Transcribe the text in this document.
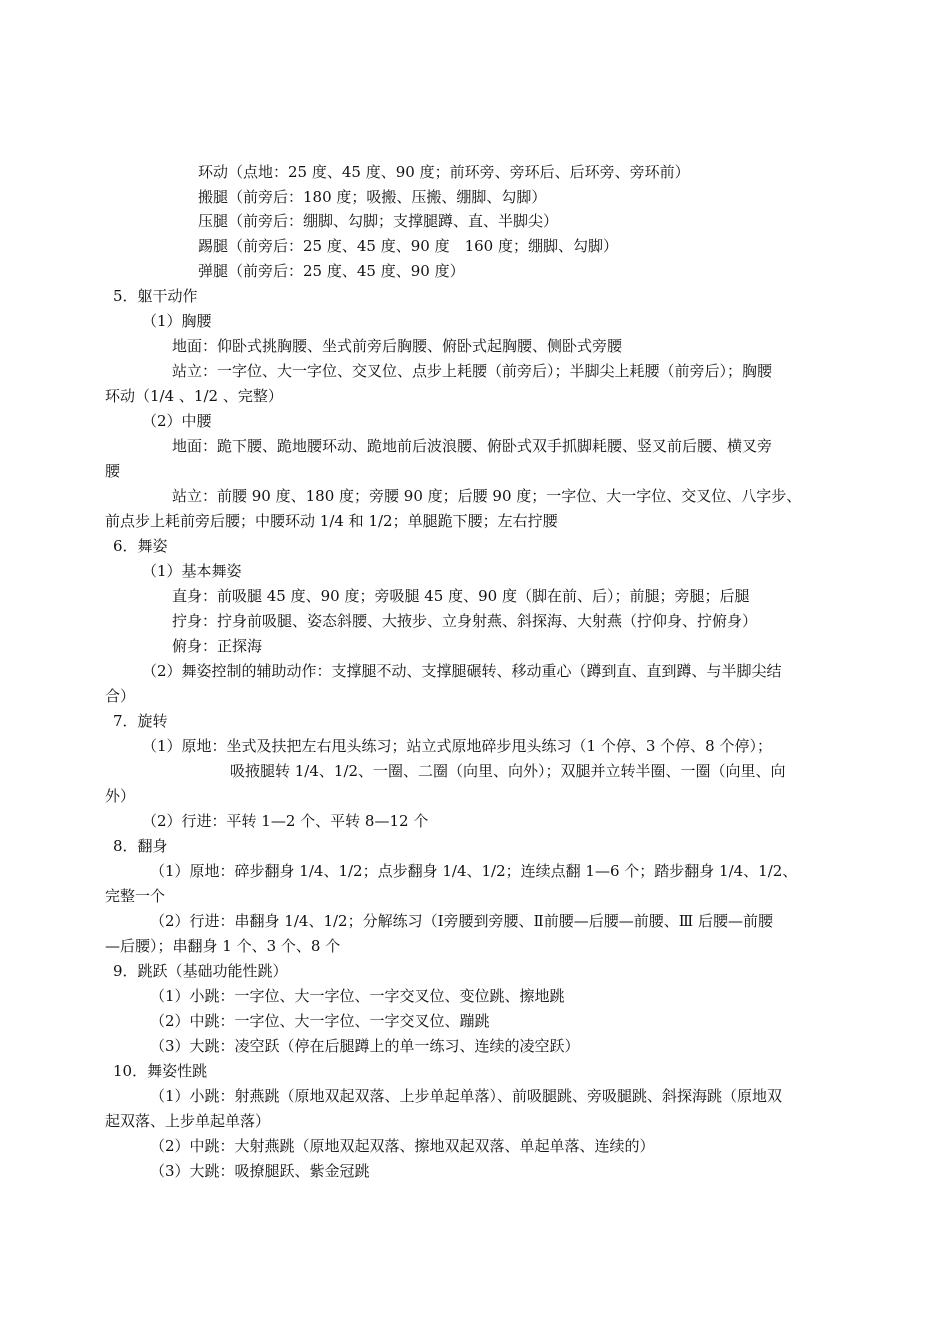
环动（点地：25 度、45 度、90 度；前环旁、旁环后、后环旁、旁环前）
搬腿（前旁后：180 度；吸搬、压搬、绷脚、勾脚）
压腿（前旁后：绷脚、勾脚；支撑腿蹲、直、半脚尖）
踢腿（前旁后：25 度、45 度、90 度　160 度；绷脚、勾脚）
弹腿（前旁后：25 度、45 度、90 度）
5．躯干动作
（1）胸腰
地面：仰卧式挑胸腰、坐式前旁后胸腰、俯卧式起胸腰、侧卧式旁腰
站立：一字位、大一字位、交叉位、点步上耗腰（前旁后）；半脚尖上耗腰（前旁后）；胸腰
环动（1/4 、1/2 、完整）
（2）中腰
地面：跪下腰、跪地腰环动、跪地前后波浪腰、俯卧式双手抓脚耗腰、竖叉前后腰、横叉旁
腰
站立：前腰 90 度、180 度；旁腰 90 度；后腰 90 度；一字位、大一字位、交叉位、八字步、
前点步上耗前旁后腰；中腰环动 1/4 和 1/2；单腿跪下腰；左右拧腰
6．舞姿
（1）基本舞姿
直身：前吸腿 45 度、90 度；旁吸腿 45 度、90 度（脚在前、后）；前腿；旁腿；后腿
拧身：拧身前吸腿、姿态斜腰、大掖步、立身射燕、斜探海、大射燕（拧仰身、拧俯身）
俯身：正探海
（2）舞姿控制的辅助动作：支撑腿不动、支撑腿碾转、移动重心（蹲到直、直到蹲、与半脚尖结
合）
7．旋转
（1）原地：坐式及扶把左右甩头练习；站立式原地碎步甩头练习（1 个停、3 个停、8 个停）；
吸掖腿转 1/4、1/2、一圈、二圈（向里、向外）；双腿并立转半圈、一圈（向里、向
外）
（2）行进：平转 1—2 个、平转 8—12 个
8．翻身
（1）原地：碎步翻身 1/4、1/2；点步翻身 1/4、1/2；连续点翻 1—6 个；踏步翻身 1/4、1/2、
完整一个
（2）行进：串翻身 1/4、1/2；分解练习（Ⅰ旁腰到旁腰、Ⅱ前腰—后腰—前腰、Ⅲ 后腰—前腰
—后腰）；串翻身 1 个、3 个、8 个
9．跳跃（基础功能性跳）
（1）小跳：一字位、大一字位、一字交叉位、变位跳、擦地跳
（2）中跳：一字位、大一字位、一字交叉位、蹦跳
（3）大跳：凌空跃（停在后腿蹲上的单一练习、连续的凌空跃）
10．舞姿性跳
（1）小跳：射燕跳（原地双起双落、上步单起单落）、前吸腿跳、旁吸腿跳、斜探海跳（原地双
起双落、上步单起单落）
（2）中跳：大射燕跳（原地双起双落、擦地双起双落、单起单落、连续的）
（3）大跳：吸撩腿跃、紫金冠跳
